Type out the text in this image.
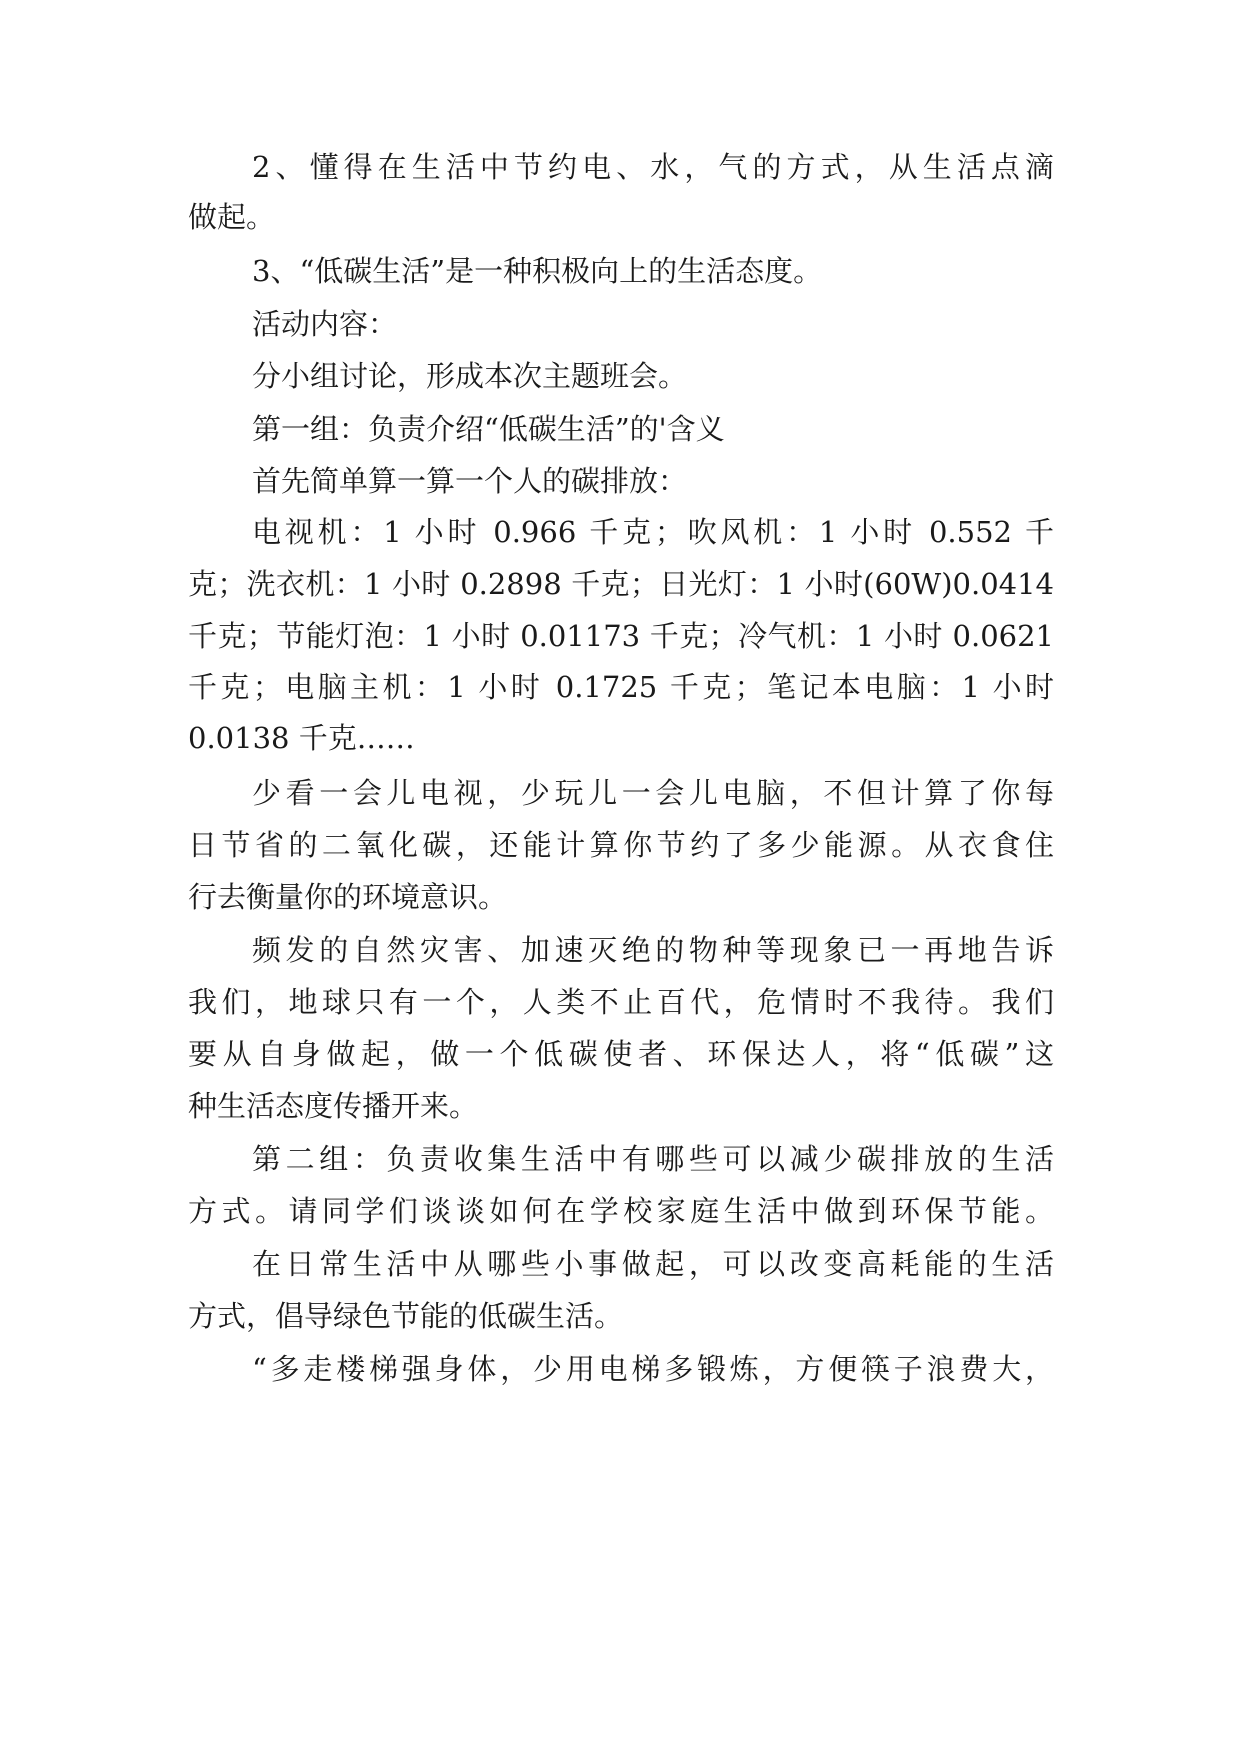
2、懂得在生活中节约电、水，气的方式，从生活点滴
做起。
3、“低碳生活”是一种积极向上的生活态度。
活动内容：
分小组讨论，形成本次主题班会。
第一组：负责介绍“低碳生活”的'含义
首先简单算一算一个人的碳排放：
电视机：1 小时 0.966 千克；吹风机：1 小时 0.552 千
克；洗衣机：1 小时 0.2898 千克；日光灯：1 小时(60W)0.0414
千克；节能灯泡：1 小时 0.01173 千克；冷气机：1 小时 0.0621
千克；电脑主机：1 小时 0.1725 千克；笔记本电脑：1 小时
0.0138 千克……
少看一会儿电视，少玩儿一会儿电脑，不但计算了你每
日节省的二氧化碳，还能计算你节约了多少能源。从衣食住
行去衡量你的环境意识。
频发的自然灾害、加速灭绝的物种等现象已一再地告诉
我们，地球只有一个，人类不止百代，危情时不我待。我们
要从自身做起，做一个低碳使者、环保达人，将“低碳”这
种生活态度传播开来。
第二组：负责收集生活中有哪些可以减少碳排放的生活
方式。请同学们谈谈如何在学校家庭生活中做到环保节能。
在日常生活中从哪些小事做起，可以改变高耗能的生活
方式，倡导绿色节能的低碳生活。
“多走楼梯强身体，少用电梯多锻炼，方便筷子浪费大，
